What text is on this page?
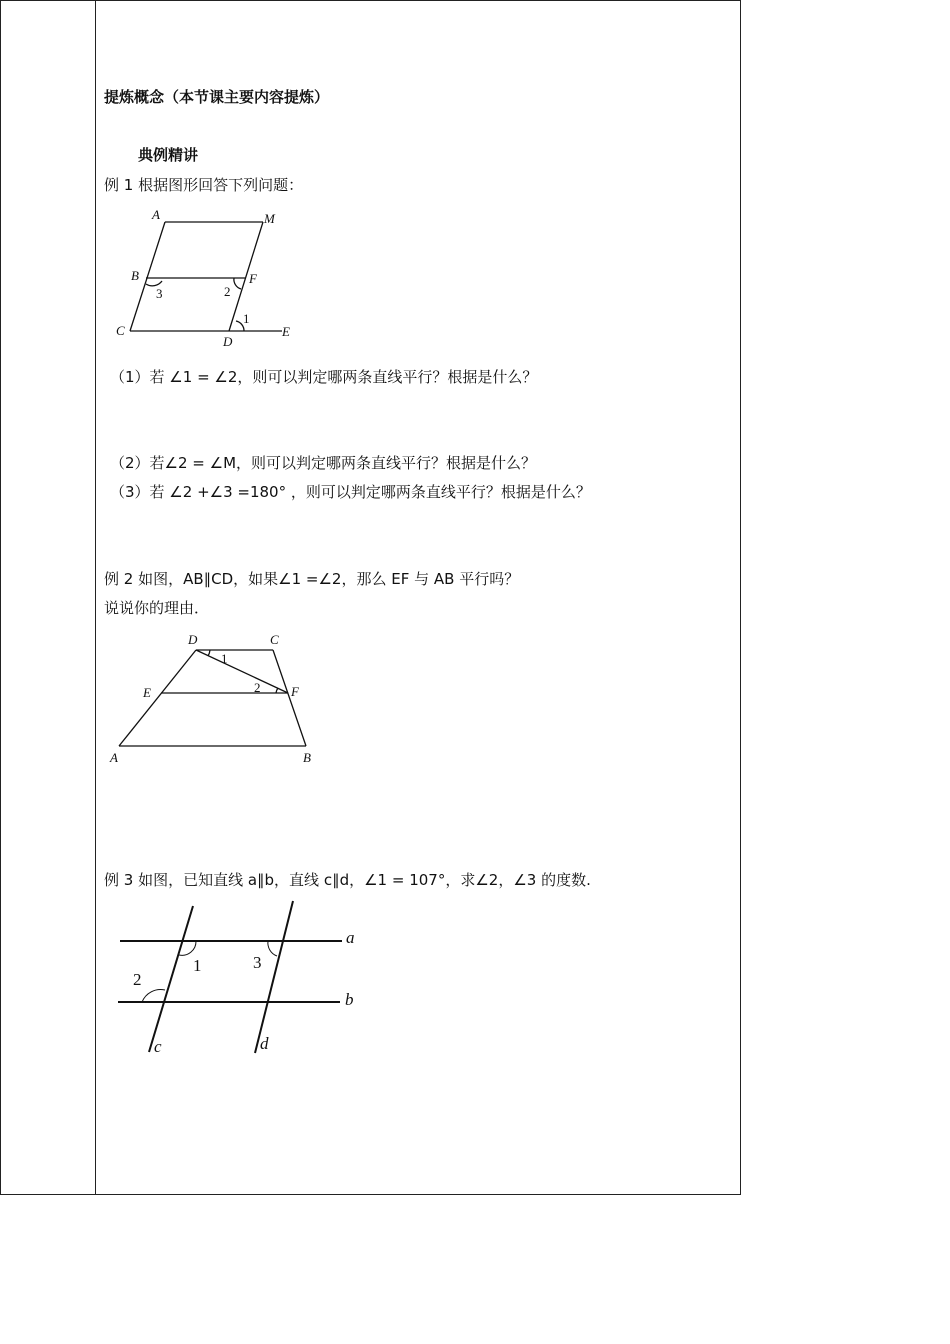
提炼概念（本节课主要内容提炼）
典例精讲
例 1 根据图形回答下列问题：
A	M
B	F
3	2
1
C
D
E
（1）若 ∠1 = ∠2，则可以判定哪两条直线平行？根据是什么？
（2）若∠2 = ∠M，则可以判定哪两条直线平行？根据是什么？
（3）若 ∠2 +∠3 =180° ，则可以判定哪两条直线平行？根据是什么？
例 2 如图，AB∥CD，如果∠1 =∠2，那么 EF 与 AB 平行吗？
说说你的理由．
D	C
1
E	2 F
A	B
例 3 如图，已知直线 a∥b，直线 c∥d，∠1 = 107°，求∠2，∠3 的度数.
a
b
1
2
3
c	d
